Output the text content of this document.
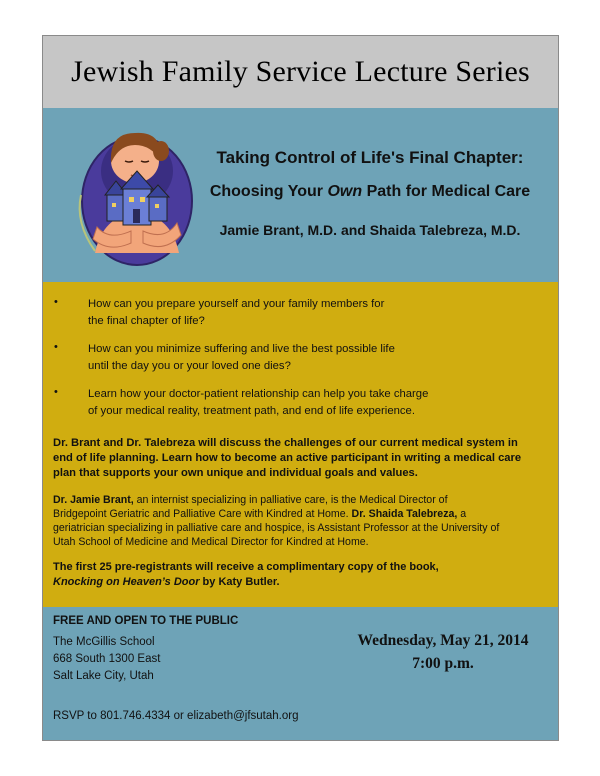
Jewish Family Service Lecture Series
Taking Control of Life's Final Chapter:
Choosing Your Own Path for Medical Care
Jamie Brant, M.D. and Shaida Talebreza, M.D.
•	How can you prepare yourself and your family members for
the final chapter of life?
•	How can you minimize suffering and live the best possible life
until the day you or your loved one dies?
•	Learn how your doctor-patient relationship can help you take charge
of your medical reality, treatment path, and end of life experience.
Dr. Brant and Dr. Talebreza will discuss the challenges of our current medical system in
end of life planning. Learn how to become an active participant in writing a medical care
plan that supports your own unique and individual goals and values.
Dr. Jamie Brant, an internist specializing in palliative care, is the Medical Director of
Bridgepoint Geriatric and Palliative Care with Kindred at Home. Dr. Shaida Talebreza, a
geriatrician specializing in palliative care and hospice, is Assistant Professor at the University of
Utah School of Medicine and Medical Director for Kindred at Home.
The first 25 pre-registrants will receive a complimentary copy of the book,
Knocking on Heaven’s Door by Katy Butler.
FREE AND OPEN TO THE PUBLIC
The McGillis School
668 South 1300 East
Salt Lake City, Utah
Wednesday, May 21, 2014
7:00 p.m.
RSVP to 801.746.4334 or elizabeth@jfsutah.org
